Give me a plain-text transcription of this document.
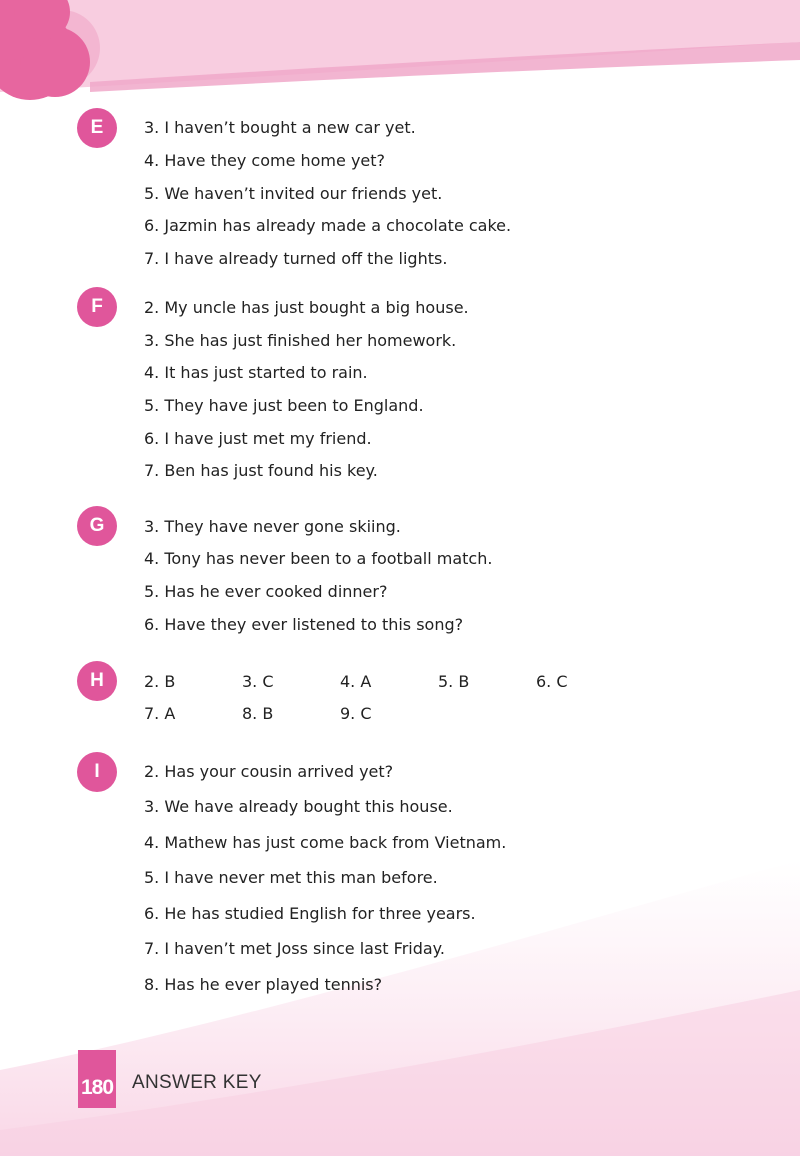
E	3. I haven’t bought a new car yet.
4. Have they come home yet?
5. We haven’t invited our friends yet.
6. Jazmin has already made a chocolate cake.
7. I have already turned off the lights.
F	2. My uncle has just bought a big house.
3. She has just finished her homework.
4. It has just started to rain.
5. They have just been to England.
6. I have just met my friend.
7. Ben has just found his key.
G	3. They have never gone skiing.
4. Tony has never been to a football match.
5. Has he ever cooked dinner?
6. Have they ever listened to this song?
H	2. B	3. C	4. A	5. B	6. C
7. A	8. B	9. C
I	2. Has your cousin arrived yet?
3. We have already bought this house.
4. Mathew has just come back from Vietnam.
5. I have never met this man before.
6. He has studied English for three years.
7. I haven’t met Joss since last Friday.
8. Has he ever played tennis?
180 ANSWER KEY
